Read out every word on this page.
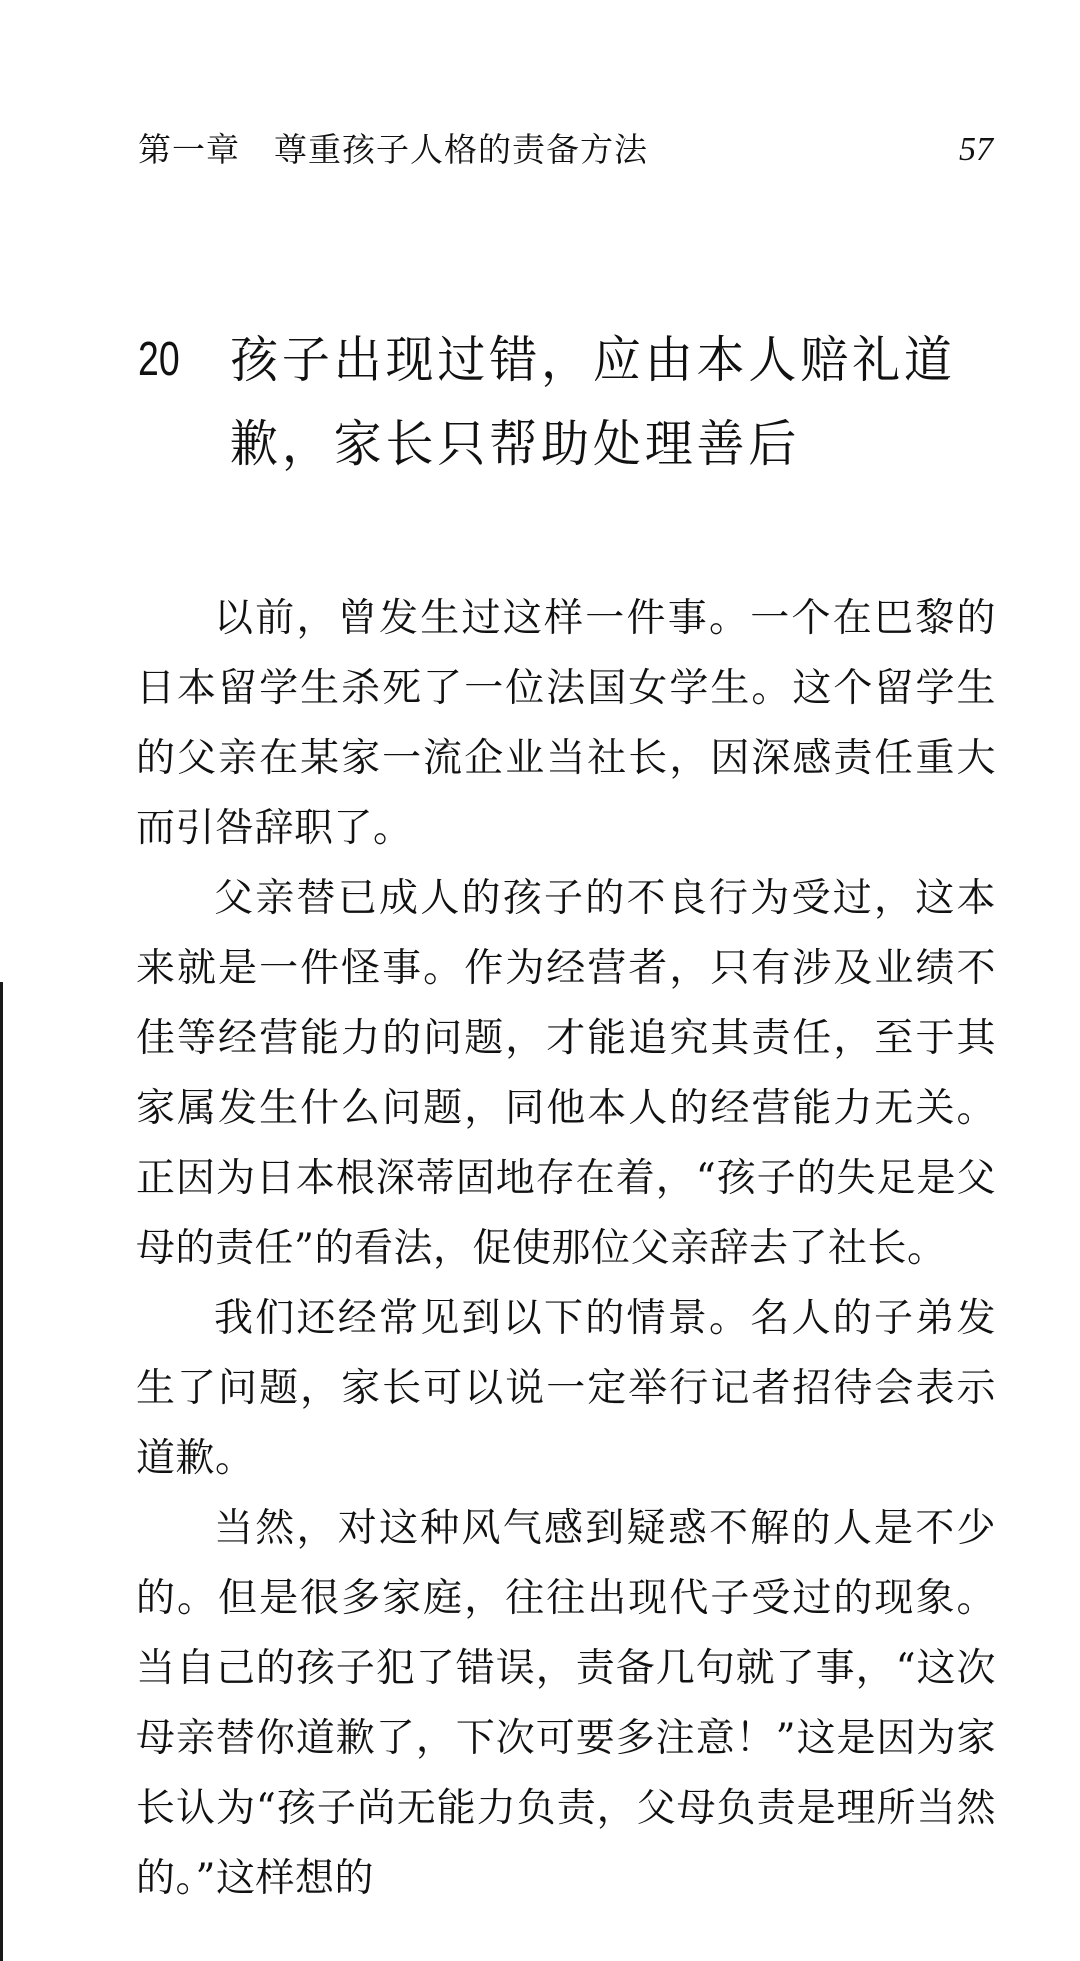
第一章　尊重孩子人格的责备方法	57
20 孩子出现过错，应由本人赔礼道歉，家长只帮助处理善后

以前，曾发生过这样一件事。一个在巴黎的日本留学生杀死了一位法国女学生。这个留学生的父亲在某家一流企业当社长，因深感责任重大而引咎辞职了。

父亲替已成人的孩子的不良行为受过，这本来就是一件怪事。作为经营者，只有涉及业绩不佳等经营能力的问题，才能追究其责任，至于其家属发生什么问题，同他本人的经营能力无关。正因为日本根深蒂固地存在着，“孩子的失足是父母的责任”的看法，促使那位父亲辞去了社长。

我们还经常见到以下的情景。名人的子弟发生了问题，家长可以说一定举行记者招待会表示道歉。

当然，对这种风气感到疑惑不解的人是不少的。但是很多家庭，往往出现代子受过的现象。当自己的孩子犯了错误，责备几句就了事，“这次母亲替你道歉了，下次可要多注意！”这是因为家长认为“孩子尚无能力负责，父母负责是理所当然的。”这样想的
